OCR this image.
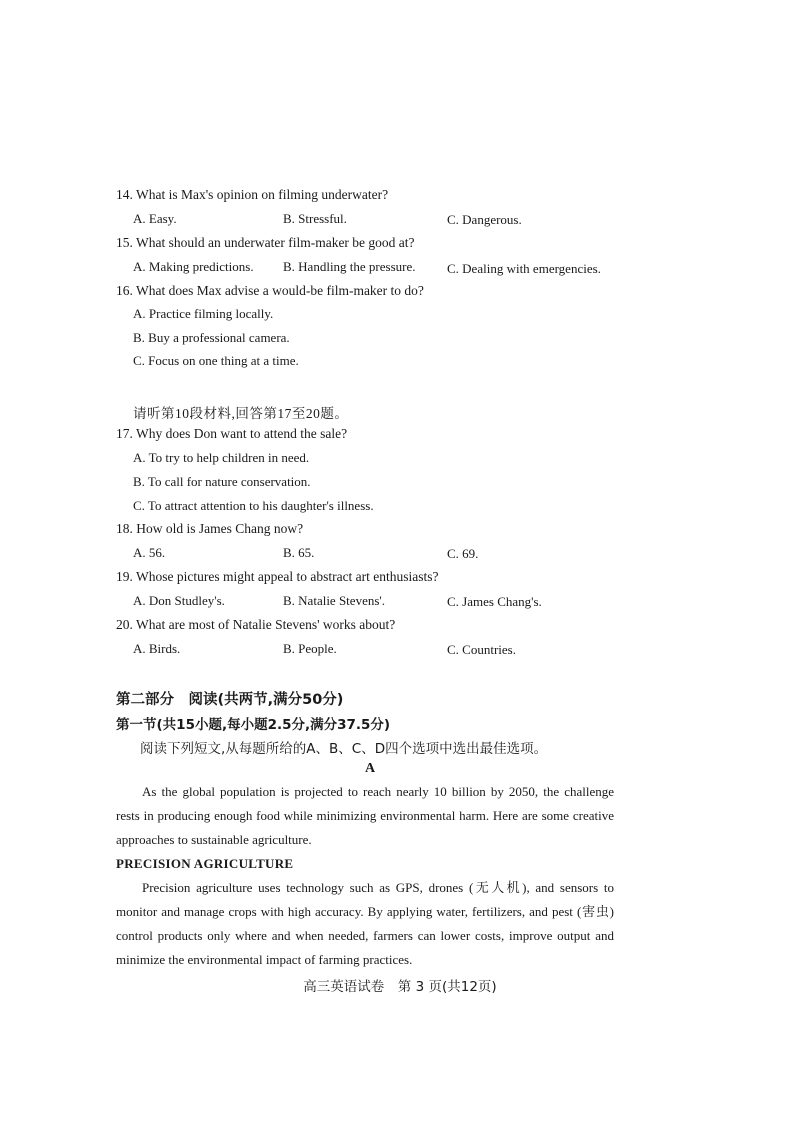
14. What is Max's opinion on filming underwater?
A. Easy.	B. Stressful.	C. Dangerous.
15. What should an underwater film-maker be good at?
A. Making predictions. B. Handling the pressure. C. Dealing with emergencies.
16. What does Max advise a would-be film-maker to do?
A. Practice filming locally.
B. Buy a professional camera.
C. Focus on one thing at a time.
请听第10段材料,回答第17至20题。
17. Why does Don want to attend the sale?
A. To try to help children in need.
B. To call for nature conservation.
C. To attract attention to his daughter's illness.
18. How old is James Chang now?
A. 56.	B. 65.	C. 69.
19. Whose pictures might appeal to abstract art enthusiasts?
A. Don Studley's.	B. Natalie Stevens'.	C. James Chang's.
20. What are most of Natalie Stevens' works about?
A. Birds.	B. People.	C. Countries.
第二部分　阅读(共两节,满分50分)
第一节(共15小题,每小题2.5分,满分37.5分)
阅读下列短文,从每题所给的A、B、C、D四个选项中选出最佳选项。
A

As the global population is projected to reach nearly 10 billion by 2050, the challenge rests in producing enough food while minimizing environmental harm. Here are some creative approaches to sustainable agriculture.

PRECISION AGRICULTURE

Precision agriculture uses technology such as GPS, drones (无人机), and sensors to monitor and manage crops with high accuracy. By applying water, fertilizers, and pest (害虫) control products only where and when needed, farmers can lower costs, improve output and minimize the environmental impact of farming practices.

高三英语试卷　第 3 页(共12页)
